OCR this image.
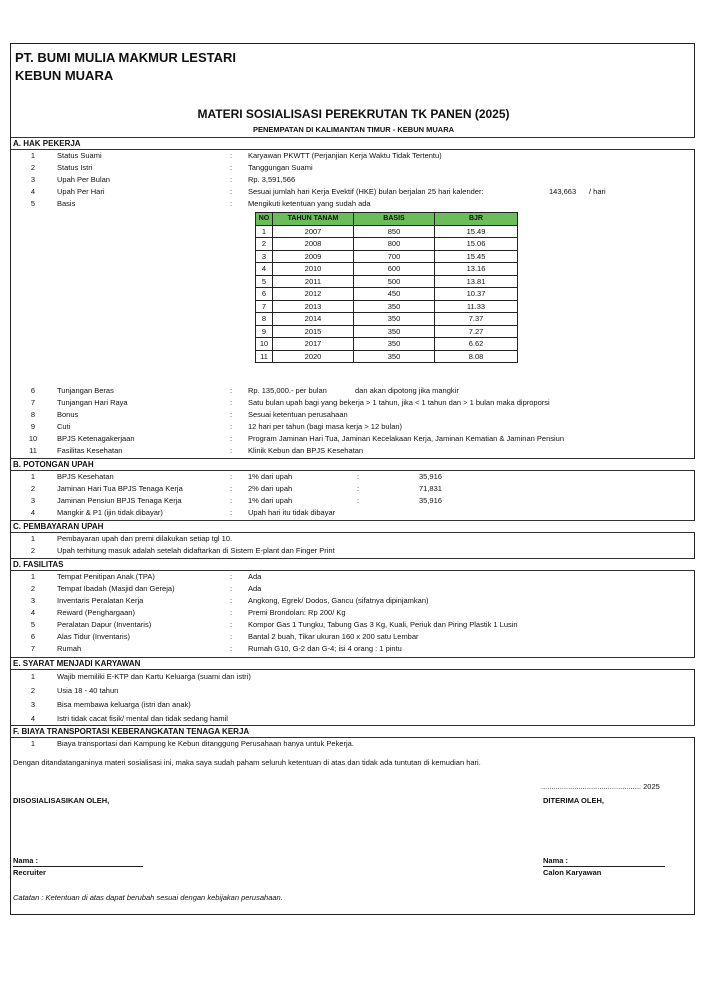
PT. BUMI MULIA MAKMUR LESTARI
KEBUN MUARA
MATERI SOSIALISASI PEREKRUTAN TK PANEN (2025)
PENEMPATAN DI KALIMANTAN TIMUR - KEBUN MUARA
A. HAK PEKERJA
1	Status Suami	: Karyawan PKWTT (Perjanjian Kerja Waktu Tidak Tertentu)
2	Status Istri	: Tanggungan Suami
3	Upah Per Bulan	: Rp. 3,591,566
4	Upah Per Hari	: Sesuai jumlah hari Kerja Evektif (HKE) bulan berjalan 25 hari kalender:	143,663 / hari
5	Basis	: Mengikuti ketentuan yang sudah ada
NO	TAHUN TANAM	BASIS	BJR
1	2007	850	15.49
2	2008	800	15.06
3	2009	700	15.45
4	2010	600	13.16
5	2011	500	13.81
6	2012	450	10.37
7	2013	350	11.33
8	2014	350	7.37
9	2015	350	7.27
10	2017	350	6.62
11	2020	350	8.08
6	Tunjangan Beras	: Rp. 135,000.- per bulan	dan akan dipotong jika mangkir
7	Tunjangan Hari Raya	: Satu bulan upah bagi yang bekerja > 1 tahun, jika < 1 tahun dan > 1 bulan maka diproporsi
8	Bonus	: Sesuai ketentuan perusahaan
9	Cuti	: 12 hari per tahun (bagi masa kerja > 12 bulan)
10	BPJS Ketenagakerjaan	: Program Jaminan Hari Tua, Jaminan Kecelakaan Kerja, Jaminan Kematian & Jaminan Pensiun
11	Fasilitas Kesehatan	: Klinik Kebun dan BPJS Kesehatan
B. POTONGAN UPAH
1	BPJS Kesehatan	: 1% dari upah	:	35,916
2	Jaminan Hari Tua BPJS Tenaga Kerja	: 2% dari upah	:	71,831
3	Jaminan Pensiun BPJS Tenaga Kerja	: 1% dari upah	:	35,916
4	Mangkir & P1 (ijin tidak dibayar)	: Upah hari itu tidak dibayar
C. PEMBAYARAN UPAH
1	Pembayaran upah dan premi dilakukan setiap tgl 10.
2	Upah terhitung masuk adalah setelah didaftarkan di Sistem E-plant dan Finger Print
D. FASILITAS
1	Tempat Penitipan Anak (TPA)	: Ada
2	Tempat Ibadah (Masjid dan Gereja)	: Ada
3	Inventaris Peralatan Kerja	: Angkong, Egrek/ Dodos, Gancu (sifatnya dipinjamkan)
4	Reward (Penghargaan)	: Premi Brondolan: Rp 200/ Kg
5	Peralatan Dapur (Inventaris)	: Kompor Gas 1 Tungku, Tabung Gas 3 Kg, Kuali, Periuk dan Piring Plastik 1 Lusin
6	Alas Tidur (Inventaris)	: Bantal 2 buah, Tikar ukuran 160 x 200 satu Lembar
7	Rumah	: Rumah G10, G-2 dan G-4; isi 4 orang : 1 pintu
E. SYARAT MENJADI KARYAWAN
1	Wajib memiliki E-KTP dan Kartu Keluarga (suami dan istri)
2	Usia 18 - 40 tahun
3	Bisa membawa keluarga (istri dan anak)
4	Istri tidak cacat fisik/ mental dan tidak sedang hamil
F. BIAYA TRANSPORTASI KEBERANGKATAN TENAGA KERJA
1	Biaya transportasi dari Kampung ke Kebun ditanggung Perusahaan hanya untuk Pekerja.
Dengan ditandatanganinya materi sosialisasi ini, maka saya sudah paham seluruh ketentuan di atas dan tidak ada tuntutan di kemudian hari.
................................................ 2025
DISOSIALISASIKAN OLEH,	DITERIMA OLEH,
Nama :
Recruiter
Nama :
Calon Karyawan
Catatan : Ketentuan di atas dapat berubah sesuai dengan kebijakan perusahaan.
